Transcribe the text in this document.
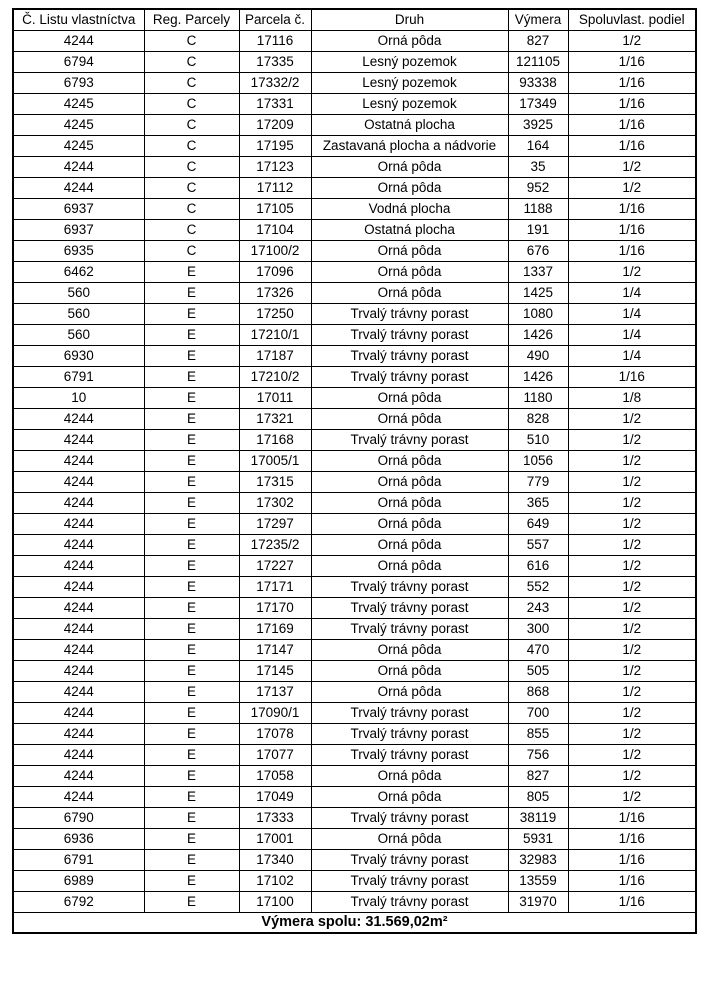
Č. Listu vlastníctva	Reg. Parcely	Parcela č.	Druh	Výmera	Spoluvlast. podiel
4244	C	17116	Orná pôda	827	1/2
6794	C	17335	Lesný pozemok	121105	1/16
6793	C	17332/2	Lesný pozemok	93338	1/16
4245	C	17331	Lesný pozemok	17349	1/16
4245	C	17209	Ostatná plocha	3925	1/16
4245	C	17195	Zastavaná plocha a nádvorie	164	1/16
4244	C	17123	Orná pôda	35	1/2
4244	C	17112	Orná pôda	952	1/2
6937	C	17105	Vodná plocha	1188	1/16
6937	C	17104	Ostatná plocha	191	1/16
6935	C	17100/2	Orná pôda	676	1/16
6462	E	17096	Orná pôda	1337	1/2
560	E	17326	Orná pôda	1425	1/4
560	E	17250	Trvalý trávny porast	1080	1/4
560	E	17210/1	Trvalý trávny porast	1426	1/4
6930	E	17187	Trvalý trávny porast	490	1/4
6791	E	17210/2	Trvalý trávny porast	1426	1/16
10	E	17011	Orná pôda	1180	1/8
4244	E	17321	Orná pôda	828	1/2
4244	E	17168	Trvalý trávny porast	510	1/2
4244	E	17005/1	Orná pôda	1056	1/2
4244	E	17315	Orná pôda	779	1/2
4244	E	17302	Orná pôda	365	1/2
4244	E	17297	Orná pôda	649	1/2
4244	E	17235/2	Orná pôda	557	1/2
4244	E	17227	Orná pôda	616	1/2
4244	E	17171	Trvalý trávny porast	552	1/2
4244	E	17170	Trvalý trávny porast	243	1/2
4244	E	17169	Trvalý trávny porast	300	1/2
4244	E	17147	Orná pôda	470	1/2
4244	E	17145	Orná pôda	505	1/2
4244	E	17137	Orná pôda	868	1/2
4244	E	17090/1	Trvalý trávny porast	700	1/2
4244	E	17078	Trvalý trávny porast	855	1/2
4244	E	17077	Trvalý trávny porast	756	1/2
4244	E	17058	Orná pôda	827	1/2
4244	E	17049	Orná pôda	805	1/2
6790	E	17333	Trvalý trávny porast	38119	1/16
6936	E	17001	Orná pôda	5931	1/16
6791	E	17340	Trvalý trávny porast	32983	1/16
6989	E	17102	Trvalý trávny porast	13559	1/16
6792	E	17100	Trvalý trávny porast	31970	1/16
Výmera spolu: 31.569,02m²					
